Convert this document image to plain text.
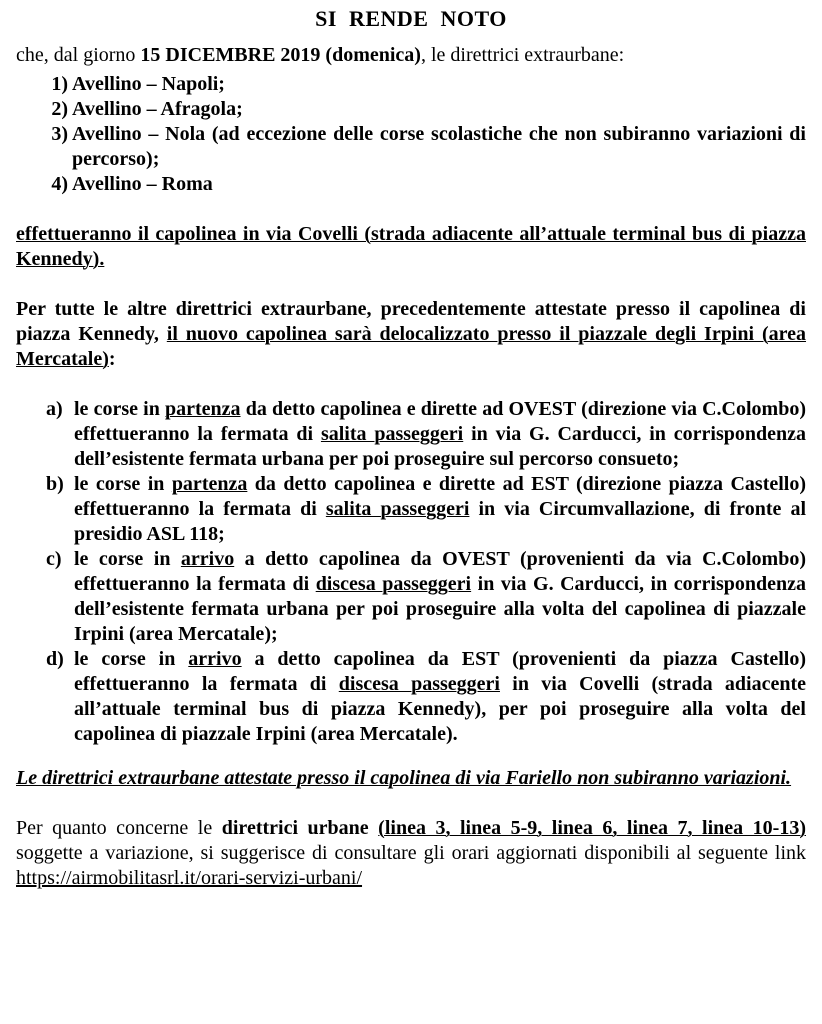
SI RENDE NOTO

che, dal giorno 15 DICEMBRE 2019 (domenica), le direttrici extraurbane:

1) Avellino – Napoli;
2) Avellino – Afragola;
3) Avellino – Nola (ad eccezione delle corse scolastiche che non subiranno variazioni di percorso);
4) Avellino – Roma

effettueranno il capolinea in via Covelli (strada adiacente all’attuale terminal bus di piazza Kennedy).

Per tutte le altre direttrici extraurbane, precedentemente attestate presso il capolinea di piazza Kennedy, il nuovo capolinea sarà delocalizzato presso il piazzale degli Irpini (area Mercatale):

a) le corse in partenza da detto capolinea e dirette ad OVEST (direzione via C.Colombo) effettueranno la fermata di salita passeggeri in via G. Carducci, in corrispondenza dell’esistente fermata urbana per poi proseguire sul percorso consueto;
b) le corse in partenza da detto capolinea e dirette ad EST (direzione piazza Castello) effettueranno la fermata di salita passeggeri in via Circumvallazione, di fronte al presidio ASL 118;
c) le corse in arrivo a detto capolinea da OVEST (provenienti da via C.Colombo) effettueranno la fermata di discesa passeggeri in via G. Carducci, in corrispondenza dell’esistente fermata urbana per poi proseguire alla volta del capolinea di piazzale Irpini (area Mercatale);
d) le corse in arrivo a detto capolinea da EST (provenienti da piazza Castello) effettueranno la fermata di discesa passeggeri in via Covelli (strada adiacente all’attuale terminal bus di piazza Kennedy), per poi proseguire alla volta del capolinea di piazzale Irpini (area Mercatale).

Le direttrici extraurbane attestate presso il capolinea di via Fariello non subiranno variazioni.

Per quanto concerne le direttrici urbane (linea 3, linea 5-9, linea 6, linea 7, linea 10-13) soggette a variazione, si suggerisce di consultare gli orari aggiornati disponibili al seguente link https://airmobilitasrl.it/orari-servizi-urbani/
